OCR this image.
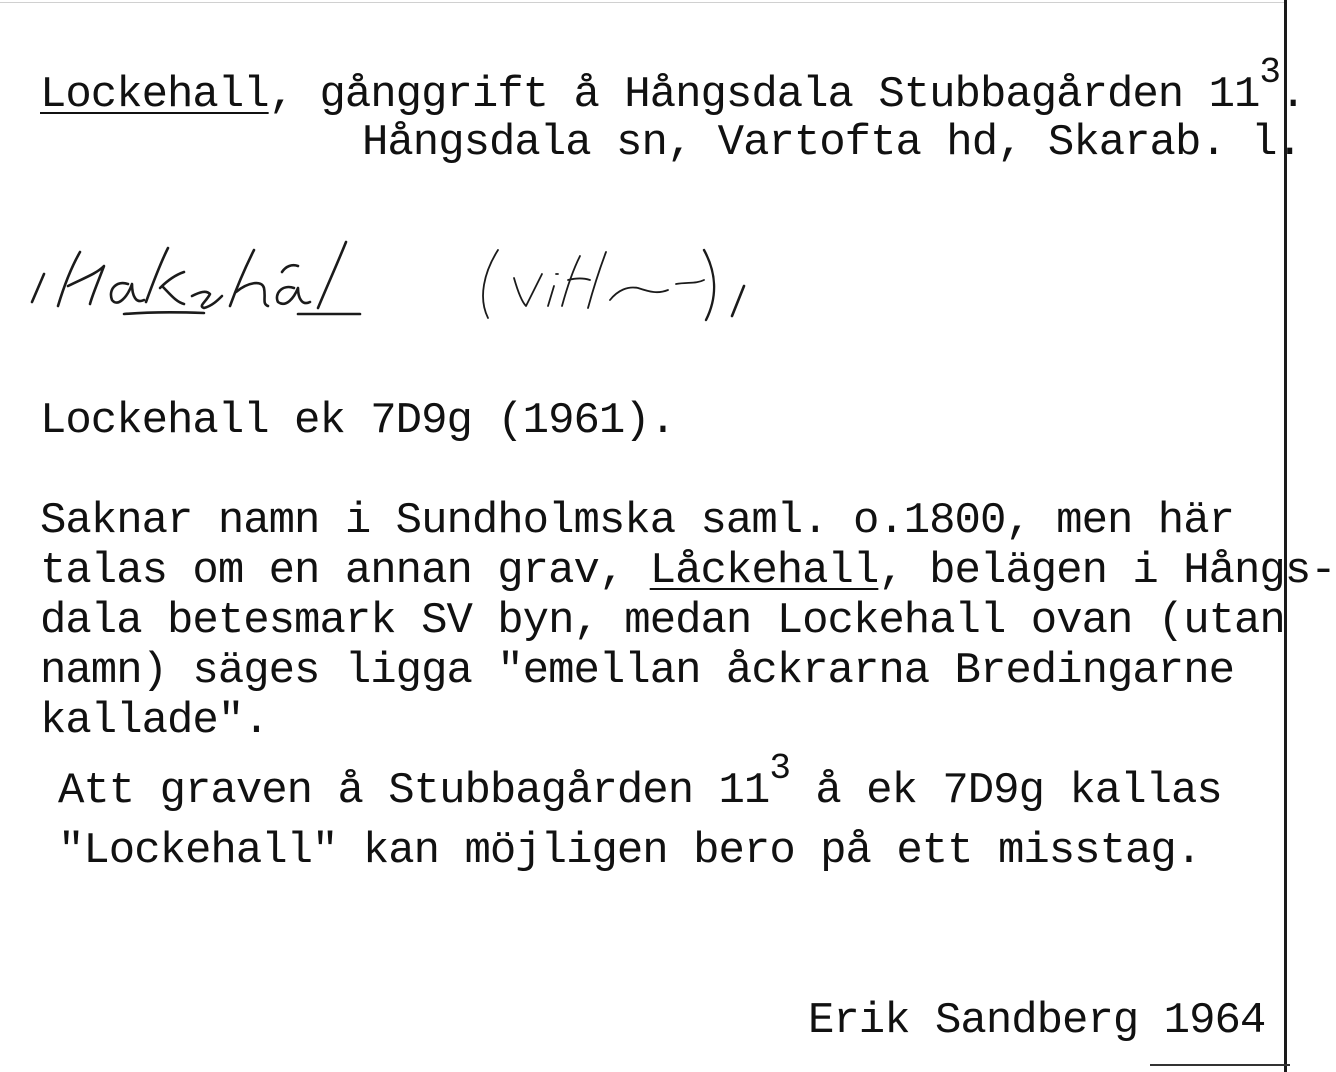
Lockehall, gånggrift å Hångsdala Stubbagården $11^3$.
Hångsdala sn, Vartofta hd, Skarab. l.
Lockehall ek 7D9g (1961).
Saknar namn i Sundholmska saml. o.1800, men här
talas om en annan grav, Låckehall, belägen i Hångs-
dala betesmark SV byn, medan Lockehall ovan (utan
namn) säges ligga "emellan åckrarna Bredingarne
kallade".
Att graven å Stubbagården $11^3$ å ek 7D9g kallas
"Lockehall" kan möjligen bero på ett misstag.
Erik Sandberg 1964
